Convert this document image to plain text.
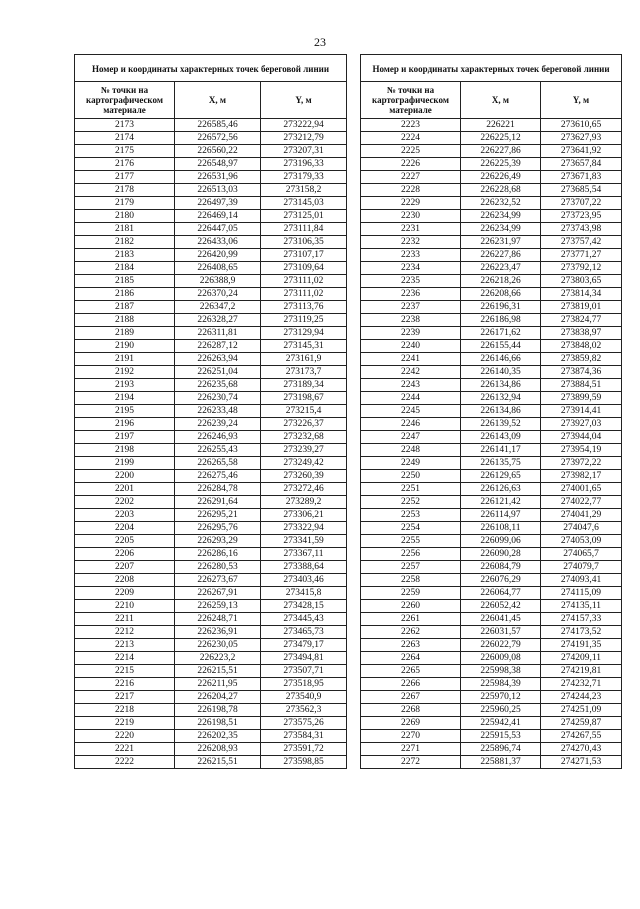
23
Номер и координаты характерных точек береговой линии		
№ точки на картографическом материале	X, м	Y, м
2173	226585,46	273222,94
2174	226572,56	273212,79
2175	226560,22	273207,31
2176	226548,97	273196,33
2177	226531,96	273179,33
2178	226513,03	273158,2
2179	226497,39	273145,03
2180	226469,14	273125,01
2181	226447,05	273111,84
2182	226433,06	273106,35
2183	226420,99	273107,17
2184	226408,65	273109,64
2185	226388,9	273111,02
2186	226370,24	273111,02
2187	226347,2	273113,76
2188	226328,27	273119,25
2189	226311,81	273129,94
2190	226287,12	273145,31
2191	226263,94	273161,9
2192	226251,04	273173,7
2193	226235,68	273189,34
2194	226230,74	273198,67
2195	226233,48	273215,4
2196	226239,24	273226,37
2197	226246,93	273232,68
2198	226255,43	273239,27
2199	226265,58	273249,42
2200	226275,46	273260,39
2201	226284,78	273272,46
2202	226291,64	273289,2
2203	226295,21	273306,21
2204	226295,76	273322,94
2205	226293,29	273341,59
2206	226286,16	273367,11
2207	226280,53	273388,64
2208	226273,67	273403,46
2209	226267,91	273415,8
2210	226259,13	273428,15
2211	226248,71	273445,43
2212	226236,91	273465,73
2213	226230,05	273479,17
2214	226223,2	273494,81
2215	226215,51	273507,71
2216	226211,95	273518,95
2217	226204,27	273540,9
2218	226198,78	273562,3
2219	226198,51	273575,26
2220	226202,35	273584,31
2221	226208,93	273591,72
2222	226215,51	273598,85
Номер и координаты характерных точек береговой линии		
№ точки на картографическом материале	X, м	Y, м
2223	226221	273610,65
2224	226225,12	273627,93
2225	226227,86	273641,92
2226	226225,39	273657,84
2227	226226,49	273671,83
2228	226228,68	273685,54
2229	226232,52	273707,22
2230	226234,99	273723,95
2231	226234,99	273743,98
2232	226231,97	273757,42
2233	226227,86	273771,27
2234	226223,47	273792,12
2235	226218,26	273803,65
2236	226208,66	273814,34
2237	226196,31	273819,01
2238	226186,98	273824,77
2239	226171,62	273838,97
2240	226155,44	273848,02
2241	226146,66	273859,82
2242	226140,35	273874,36
2243	226134,86	273884,51
2244	226132,94	273899,59
2245	226134,86	273914,41
2246	226139,52	273927,03
2247	226143,09	273944,04
2248	226141,17	273954,19
2249	226135,75	273972,22
2250	226129,65	273982,17
2251	226126,63	274001,65
2252	226121,42	274022,77
2253	226114,97	274041,29
2254	226108,11	274047,6
2255	226099,06	274053,09
2256	226090,28	274065,7
2257	226084,79	274079,7
2258	226076,29	274093,41
2259	226064,77	274115,09
2260	226052,42	274135,11
2261	226041,45	274157,33
2262	226031,57	274173,52
2263	226022,79	274191,35
2264	226009,08	274209,11
2265	225998,38	274219,81
2266	225984,39	274232,71
2267	225970,12	274244,23
2268	225960,25	274251,09
2269	225942,41	274259,87
2270	225915,53	274267,55
2271	225896,74	274270,43
2272	225881,37	274271,53
